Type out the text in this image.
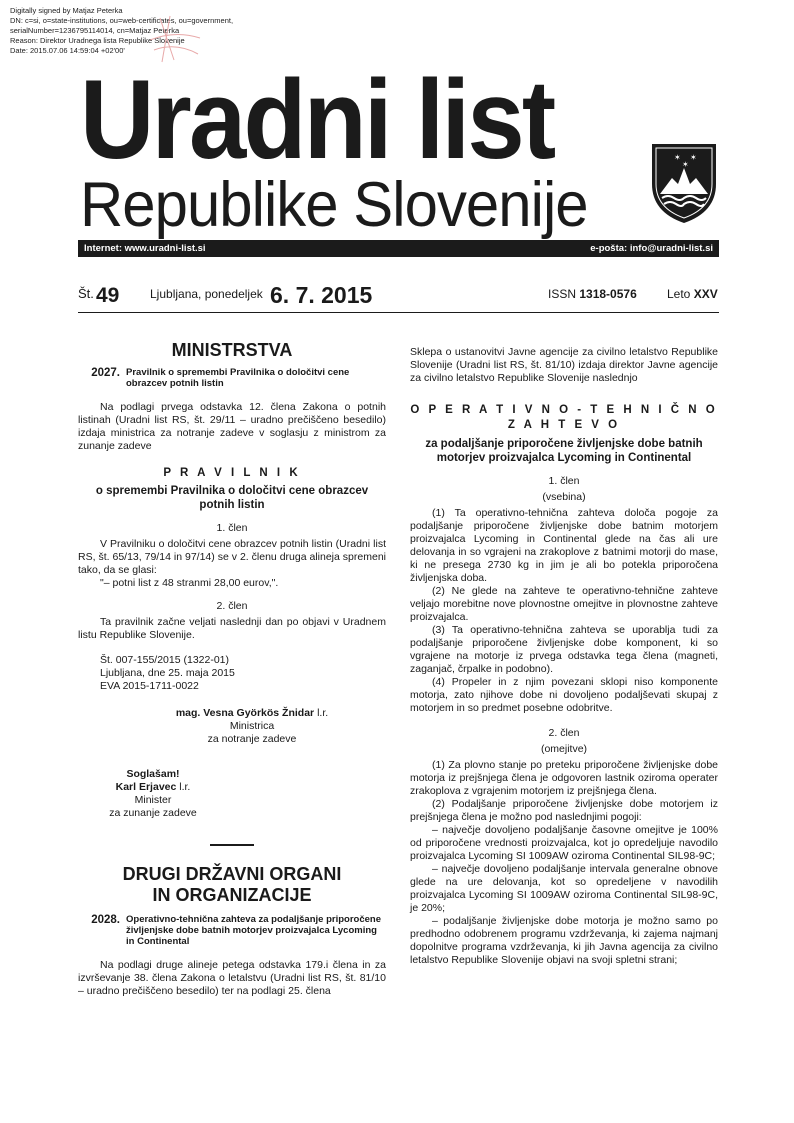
Digitally signed by Matjaz Peterka
DN: c=si, o=state-institutions, ou=web-certificates, ou=government,
serialNumber=1236795114014, cn=Matjaz Peterka
Reason: Direktor Uradnega lista Republike Slovenije
Date: 2015.07.06 14:59:04 +02'00'
Uradni list
Republike Slovenije
✶ ✶
✶
Internet: www.uradni-list.si	e-pošta: info@uradni-list.si
Št. 49	Ljubljana, ponedeljek 6. 7. 2015	ISSN 1318-0576	Leto XXV
MINISTRSTVA
2027. Pravilnik o spremembi Pravilnika o določitvi cene obrazcev potnih listin

Na podlagi prvega odstavka 12. člena Zakona o potnih listinah (Uradni list RS, št. 29/11 – uradno prečiščeno besedilo) izdaja ministrica za notranje zadeve v soglasju z ministrom za zunanje zadeve

P R A V I L N I K
o spremembi Pravilnika o določitvi cene obrazcev potnih listin
1. člen

V Pravilniku o določitvi cene obrazcev potnih listin (Uradni list RS, št. 65/13, 79/14 in 97/14) se v 2. členu druga alineja spremeni tako, da se glasi:

"– potni list z 48 stranmi 28,00 eurov,".

2. člen

Ta pravilnik začne veljati naslednji dan po objavi v Uradnem listu Republike Slovenije.

Št. 007-155/2015 (1322-01)
Ljubljana, dne 25. maja 2015
EVA 2015-1711-0022
mag. Vesna Györkös Žnidar l.r.
Ministrica
za notranje zadeve
Soglašam!
Karl Erjavec l.r.
Minister
za zunanje zadeve
DRUGI DRŽAVNI ORGANI
IN ORGANIZACIJE
2028. Operativno-tehnična zahteva za podaljšanje priporočene življenjske dobe batnih motorjev proizvajalca Lycoming in Continental

Na podlagi druge alineje petega odstavka 179.i člena in za izvrševanje 38. člena Zakona o letalstvu (Uradni list RS, št. 81/10 – uradno prečiščeno besedilo) ter na podlagi 25. člena

Sklepa o ustanovitvi Javne agencije za civilno letalstvo Republike Slovenije (Uradni list RS, št. 81/10) izdaja direktor Javne agencije za civilno letalstvo Republike Slovenije naslednjo

O P E R A T I V N O - T E H N I Č N O Z A H T E V O
za podaljšanje priporočene življenjske dobe batnih motorjev proizvajalca Lycoming in Continental
1. člen
(vsebina)

(1) Ta operativno-tehnična zahteva določa pogoje za podaljšanje priporočene življenjske dobe batnim motorjem proizvajalca Lycoming in Continental glede na čas ali ure delovanja in so vgrajeni na zrakoplove z batnimi motorji do mase, ki ne presega 2730 kg in jim je ali bo potekla priporočena življenjska doba.

(2) Ne glede na zahteve te operativno-tehnične zahteve veljajo morebitne nove plovnostne omejitve in plovnostne zahteve proizvajalca.

(3) Ta operativno-tehnična zahteva se uporablja tudi za podaljšanje priporočene življenjske dobe komponent, ki so vgrajene na motorje iz prvega odstavka tega člena (magneti, zaganjač, črpalke in podobno).

(4) Propeler in z njim povezani sklopi niso komponente motorja, zato njihove dobe ni dovoljeno podaljševati skupaj z motorjem in so predmet posebne odobritve.

2. člen
(omejitve)

(1) Za plovno stanje po preteku priporočene življenjske dobe motorja iz prejšnjega člena je odgovoren lastnik oziroma operater zrakoplova z vgrajenim motorjem iz prejšnjega člena.

(2) Podaljšanje priporočene življenjske dobe motorjem iz prejšnjega člena je možno pod naslednjimi pogoji:

– največje dovoljeno podaljšanje časovne omejitve je 100% od priporočene vrednosti proizvajalca, kot jo opredeljuje navodilo proizvajalca Lycoming SI 1009AW oziroma Continental SIL98-9C;

– največje dovoljeno podaljšanje intervala generalne obnove glede na ure delovanja, kot so opredeljene v navodilih proizvajalca Lycoming SI 1009AW oziroma Continental SIL98-9C, je 20%;

– podaljšanje življenjske dobe motorja je možno samo po predhodno odobrenem programu vzdrževanja, ki zajema najmanj dopolnitve programa vzdrževanja, ki jih Javna agencija za civilno letalstvo Republike Slovenije objavi na svoji spletni strani;
